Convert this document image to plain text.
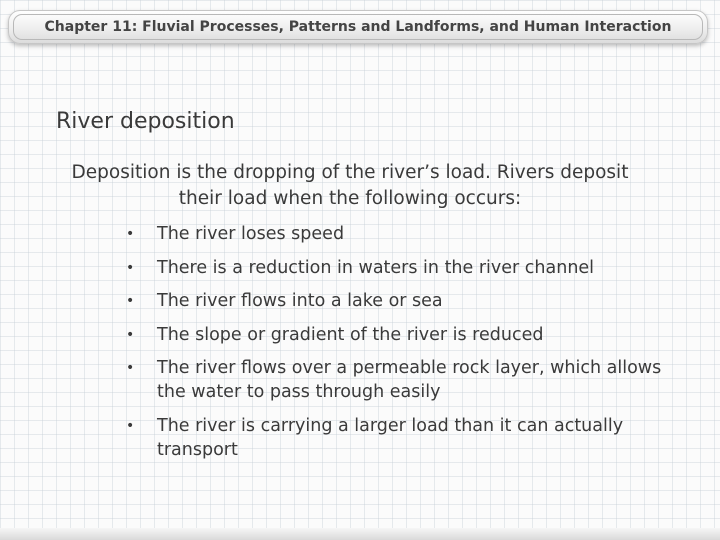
Chapter 11: Fluvial Processes, Patterns and Landforms, and Human Interaction
River deposition

Deposition is the dropping of the river’s load. Rivers deposit their load when the following occurs:

•	The river loses speed
•	There is a reduction in waters in the river channel
•	The river flows into a lake or sea
•	The slope or gradient of the river is reduced
•	The river flows over a permeable rock layer, which allows the water to pass through easily
•	The river is carrying a larger load than it can actually transport
